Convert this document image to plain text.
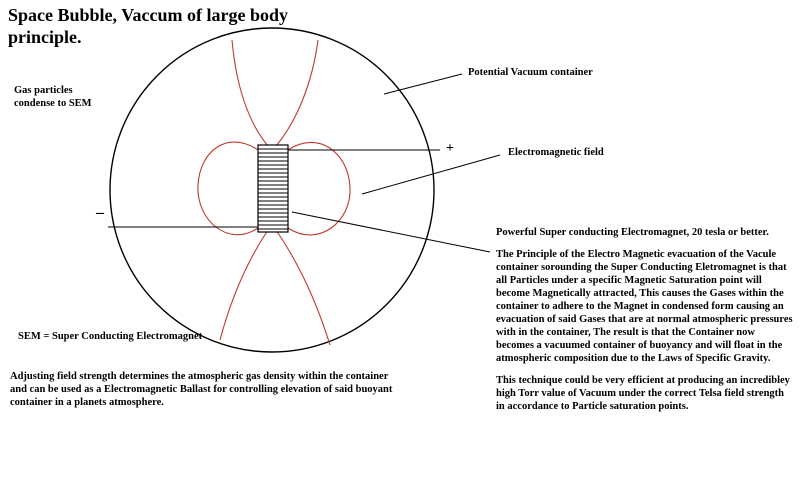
Space Bubble, Vaccum of large body principle.
Gas particles condense to SEM
Potential Vacuum container
Electromagnetic field
+
–
SEM = Super Conducting Electromagnet

Adjusting field strength determines the atmospheric gas density within the container and can be used as a Electromagnetic Ballast for controlling elevation of said buoyant container in a planets atmosphere.

Powerful Super conducting Electromagnet, 20 tesla or better.

The Principle of the Electro Magnetic evacuation of the Vacule container sorounding the Super Conducting Eletromagnet is that all Particles under a specific Magnetic Saturation point will become Magnetically attracted, This causes the Gases within the container to adhere to the Magnet in condensed form causing an evacuation of said Gases that are at normal atmospheric pressures with in the container, The result is that the Container now becomes a vacuumed container of buoyancy and will float in the atmospheric composition due to the Laws of Specific Gravity.

This technique could be very efficient at producing an incredibley high Torr value of Vacuum under the correct Telsa field strength in accordance to Particle saturation points.
